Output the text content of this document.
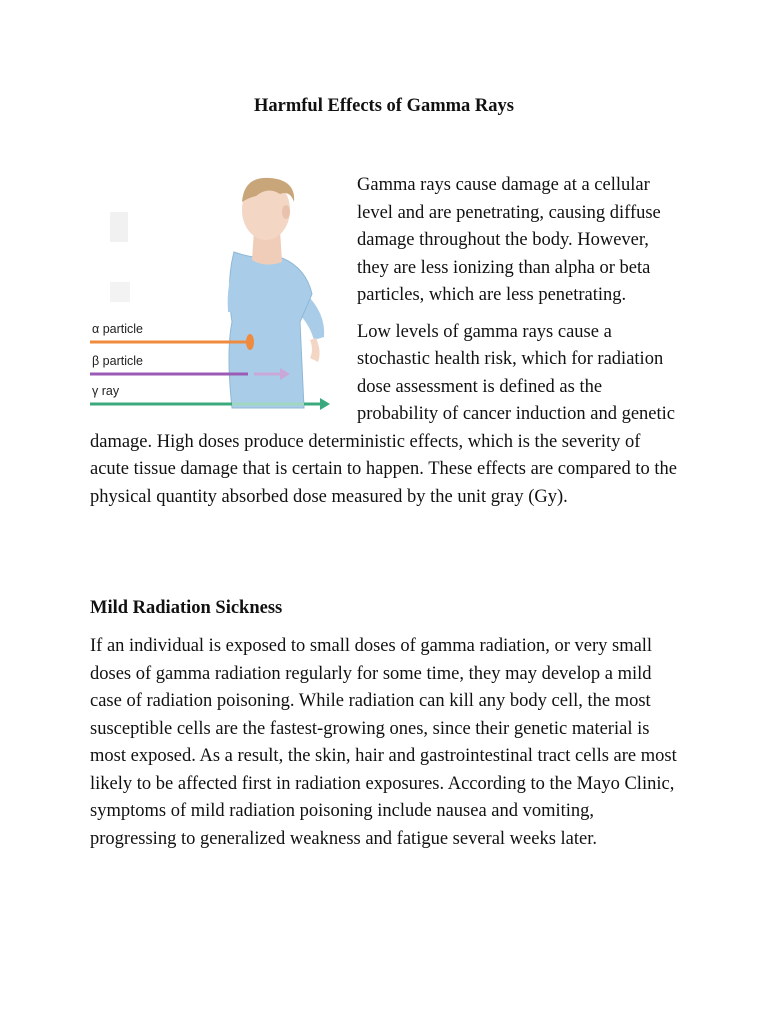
Harmful Effects of Gamma Rays
α particle
β particle
γ ray

Gamma rays cause damage at a cellular level and are penetrating, causing diffuse damage throughout the body. However, they are less ionizing than alpha or beta particles, which are less penetrating.

Low levels of gamma rays cause a stochastic health risk, which for radiation dose assessment is defined as the probability of cancer induction and genetic damage. High doses produce deterministic effects, which is the severity of acute tissue damage that is certain to happen. These effects are compared to the physical quantity absorbed dose measured by the unit gray (Gy).

Mild Radiation Sickness

If an individual is exposed to small doses of gamma radiation, or very small doses of gamma radiation regularly for some time, they may develop a mild case of radiation poisoning. While radiation can kill any body cell, the most susceptible cells are the fastest-growing ones, since their genetic material is most exposed. As a result, the skin, hair and gastrointestinal tract cells are most likely to be affected first in radiation exposures. According to the Mayo Clinic, symptoms of mild radiation poisoning include nausea and vomiting, progressing to generalized weakness and fatigue several weeks later.
